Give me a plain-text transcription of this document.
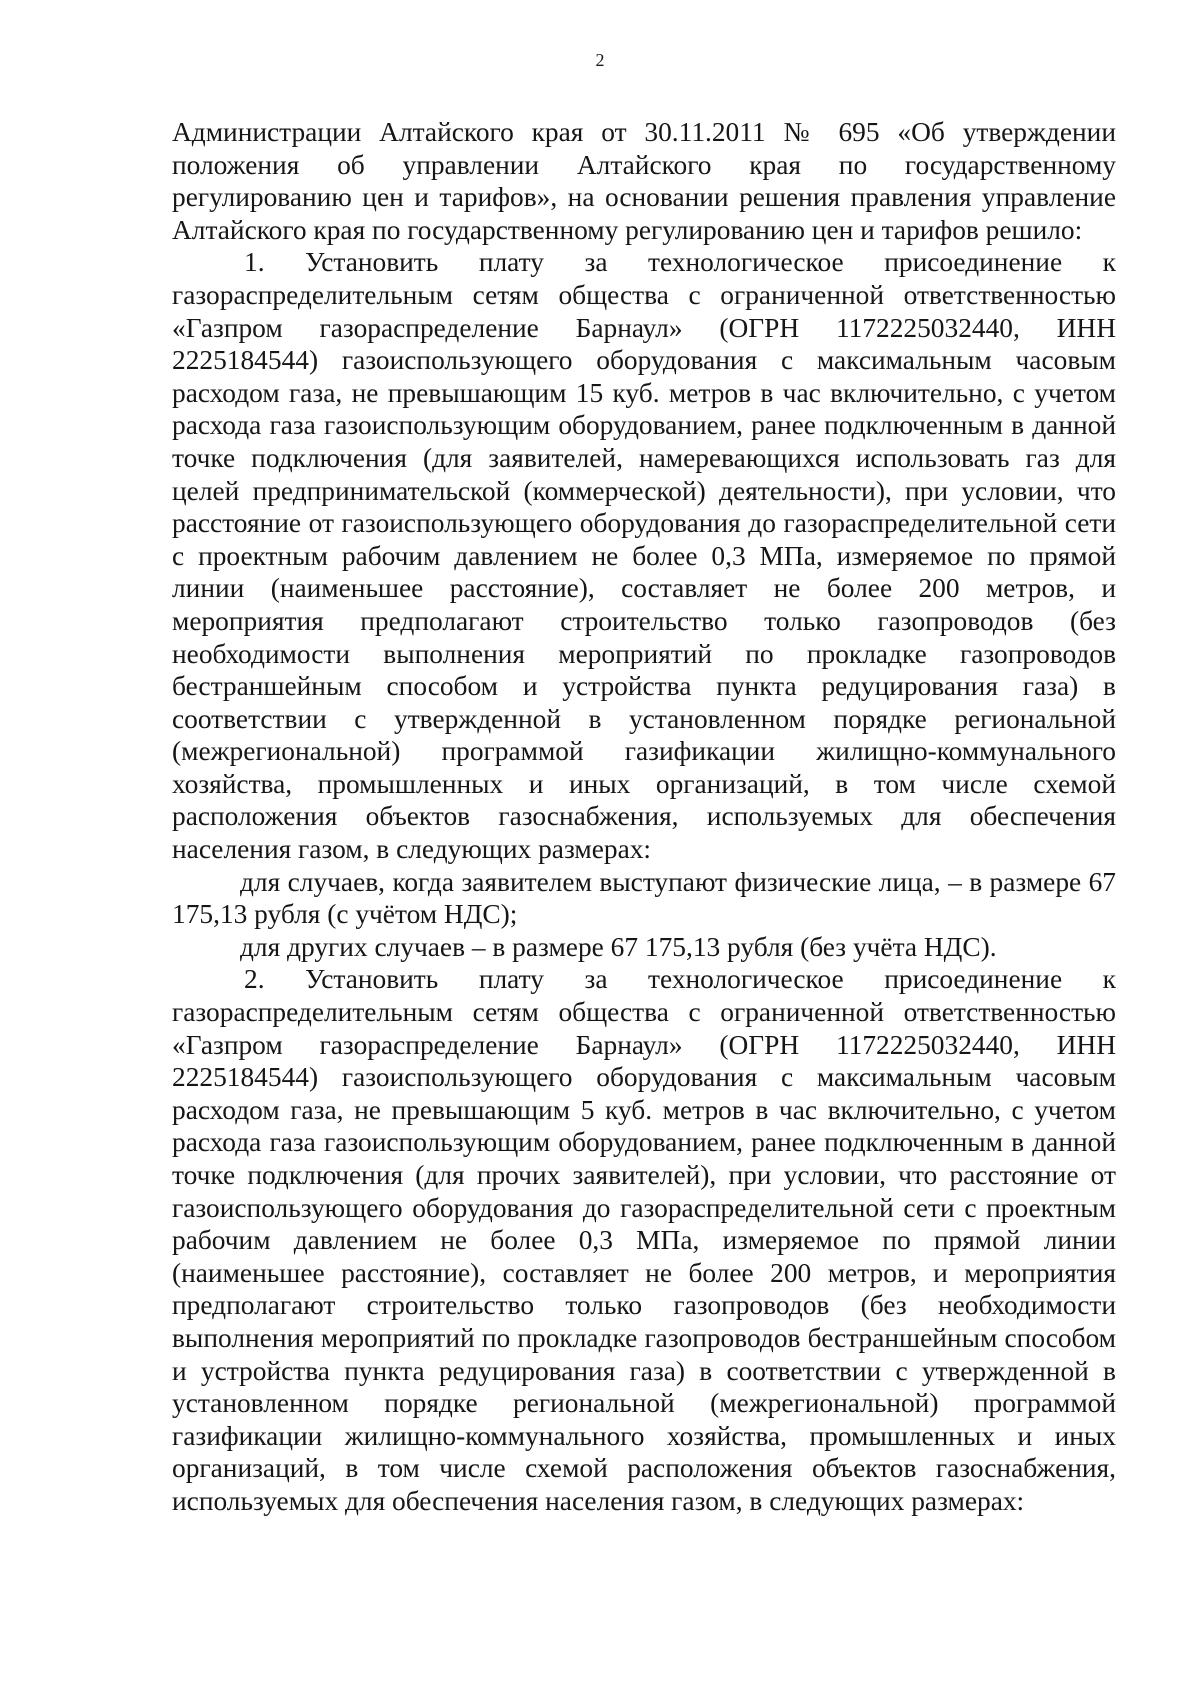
2

Администрации Алтайского края от 30.11.2011 № 695 «Об утверждении положения об управлении Алтайского края по государственному регулированию цен и тарифов», на основании решения правления управление Алтайского края по государственному регулированию цен и тарифов решило:

1. Установить плату за технологическое присоединение к газораспределительным сетям общества с ограниченной ответственностью «Газпром газораспределение Барнаул» (ОГРН 1172225032440, ИНН 2225184544) газоиспользующего оборудования с максимальным часовым расходом газа, не превышающим 15 куб. метров в час включительно, с учетом расхода газа газоиспользующим оборудованием, ранее подключенным в данной точке подключения (для заявителей, намеревающихся использовать газ для целей предпринимательской (коммерческой) деятельности), при условии, что расстояние от газоиспользующего оборудования до газораспределительной сети с проектным рабочим давлением не более 0,3 МПа, измеряемое по прямой линии (наименьшее расстояние), составляет не более 200 метров, и мероприятия предполагают строительство только газопроводов (без необходимости выполнения мероприятий по прокладке газопроводов бестраншейным способом и устройства пункта редуцирования газа) в соответствии с утвержденной в установленном порядке региональной (межрегиональной) программой газификации жилищно-коммунального хозяйства, промышленных и иных организаций, в том числе схемой расположения объектов газоснабжения, используемых для обеспечения населения газом, в следующих размерах:

для случаев, когда заявителем выступают физические лица, – в размере 67 175,13 рубля (с учётом НДС);

для других случаев – в размере 67 175,13 рубля (без учёта НДС).

2. Установить плату за технологическое присоединение к газораспределительным сетям общества с ограниченной ответственностью «Газпром газораспределение Барнаул» (ОГРН 1172225032440, ИНН 2225184544) газоиспользующего оборудования с максимальным часовым расходом газа, не превышающим 5 куб. метров в час включительно, с учетом расхода газа газоиспользующим оборудованием, ранее подключенным в данной точке подключения (для прочих заявителей), при условии, что расстояние от газоиспользующего оборудования до газораспределительной сети с проектным рабочим давлением не более 0,3 МПа, измеряемое по прямой линии (наименьшее расстояние), составляет не более 200 метров, и мероприятия предполагают строительство только газопроводов (без необходимости выполнения мероприятий по прокладке газопроводов бестраншейным способом и устройства пункта редуцирования газа) в соответствии с утвержденной в установленном порядке региональной (межрегиональной) программой газификации жилищно-коммунального хозяйства, промышленных и иных организаций, в том числе схемой расположения объектов газоснабжения, используемых для обеспечения населения газом, в следующих размерах:
